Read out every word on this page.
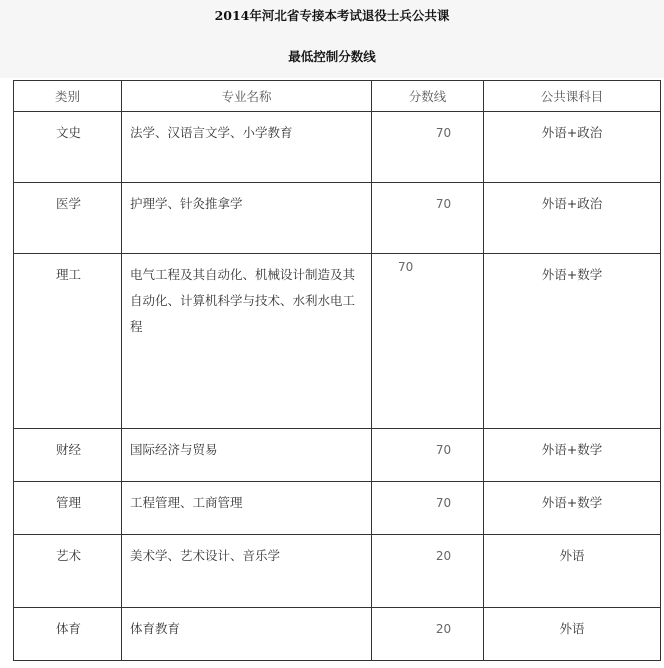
2014年河北省专接本考试退役士兵公共课
最低控制分数线
类别	专业名称	分数线	公共课科目

文史	法学、汉语言文学、小学教育	70	外语+政治

医学	护理学、针灸推拿学	70	外语+政治

理工	电气工程及其自动化、机械设计制造及其自动化、计算机科学与技术、水利水电工程	70	外语+数学

财经	国际经济与贸易	70	外语+数学

管理	工程管理、工商管理	70	外语+数学

艺术	美术学、艺术设计、音乐学	20	外语

体育	体育教育	20	外语
